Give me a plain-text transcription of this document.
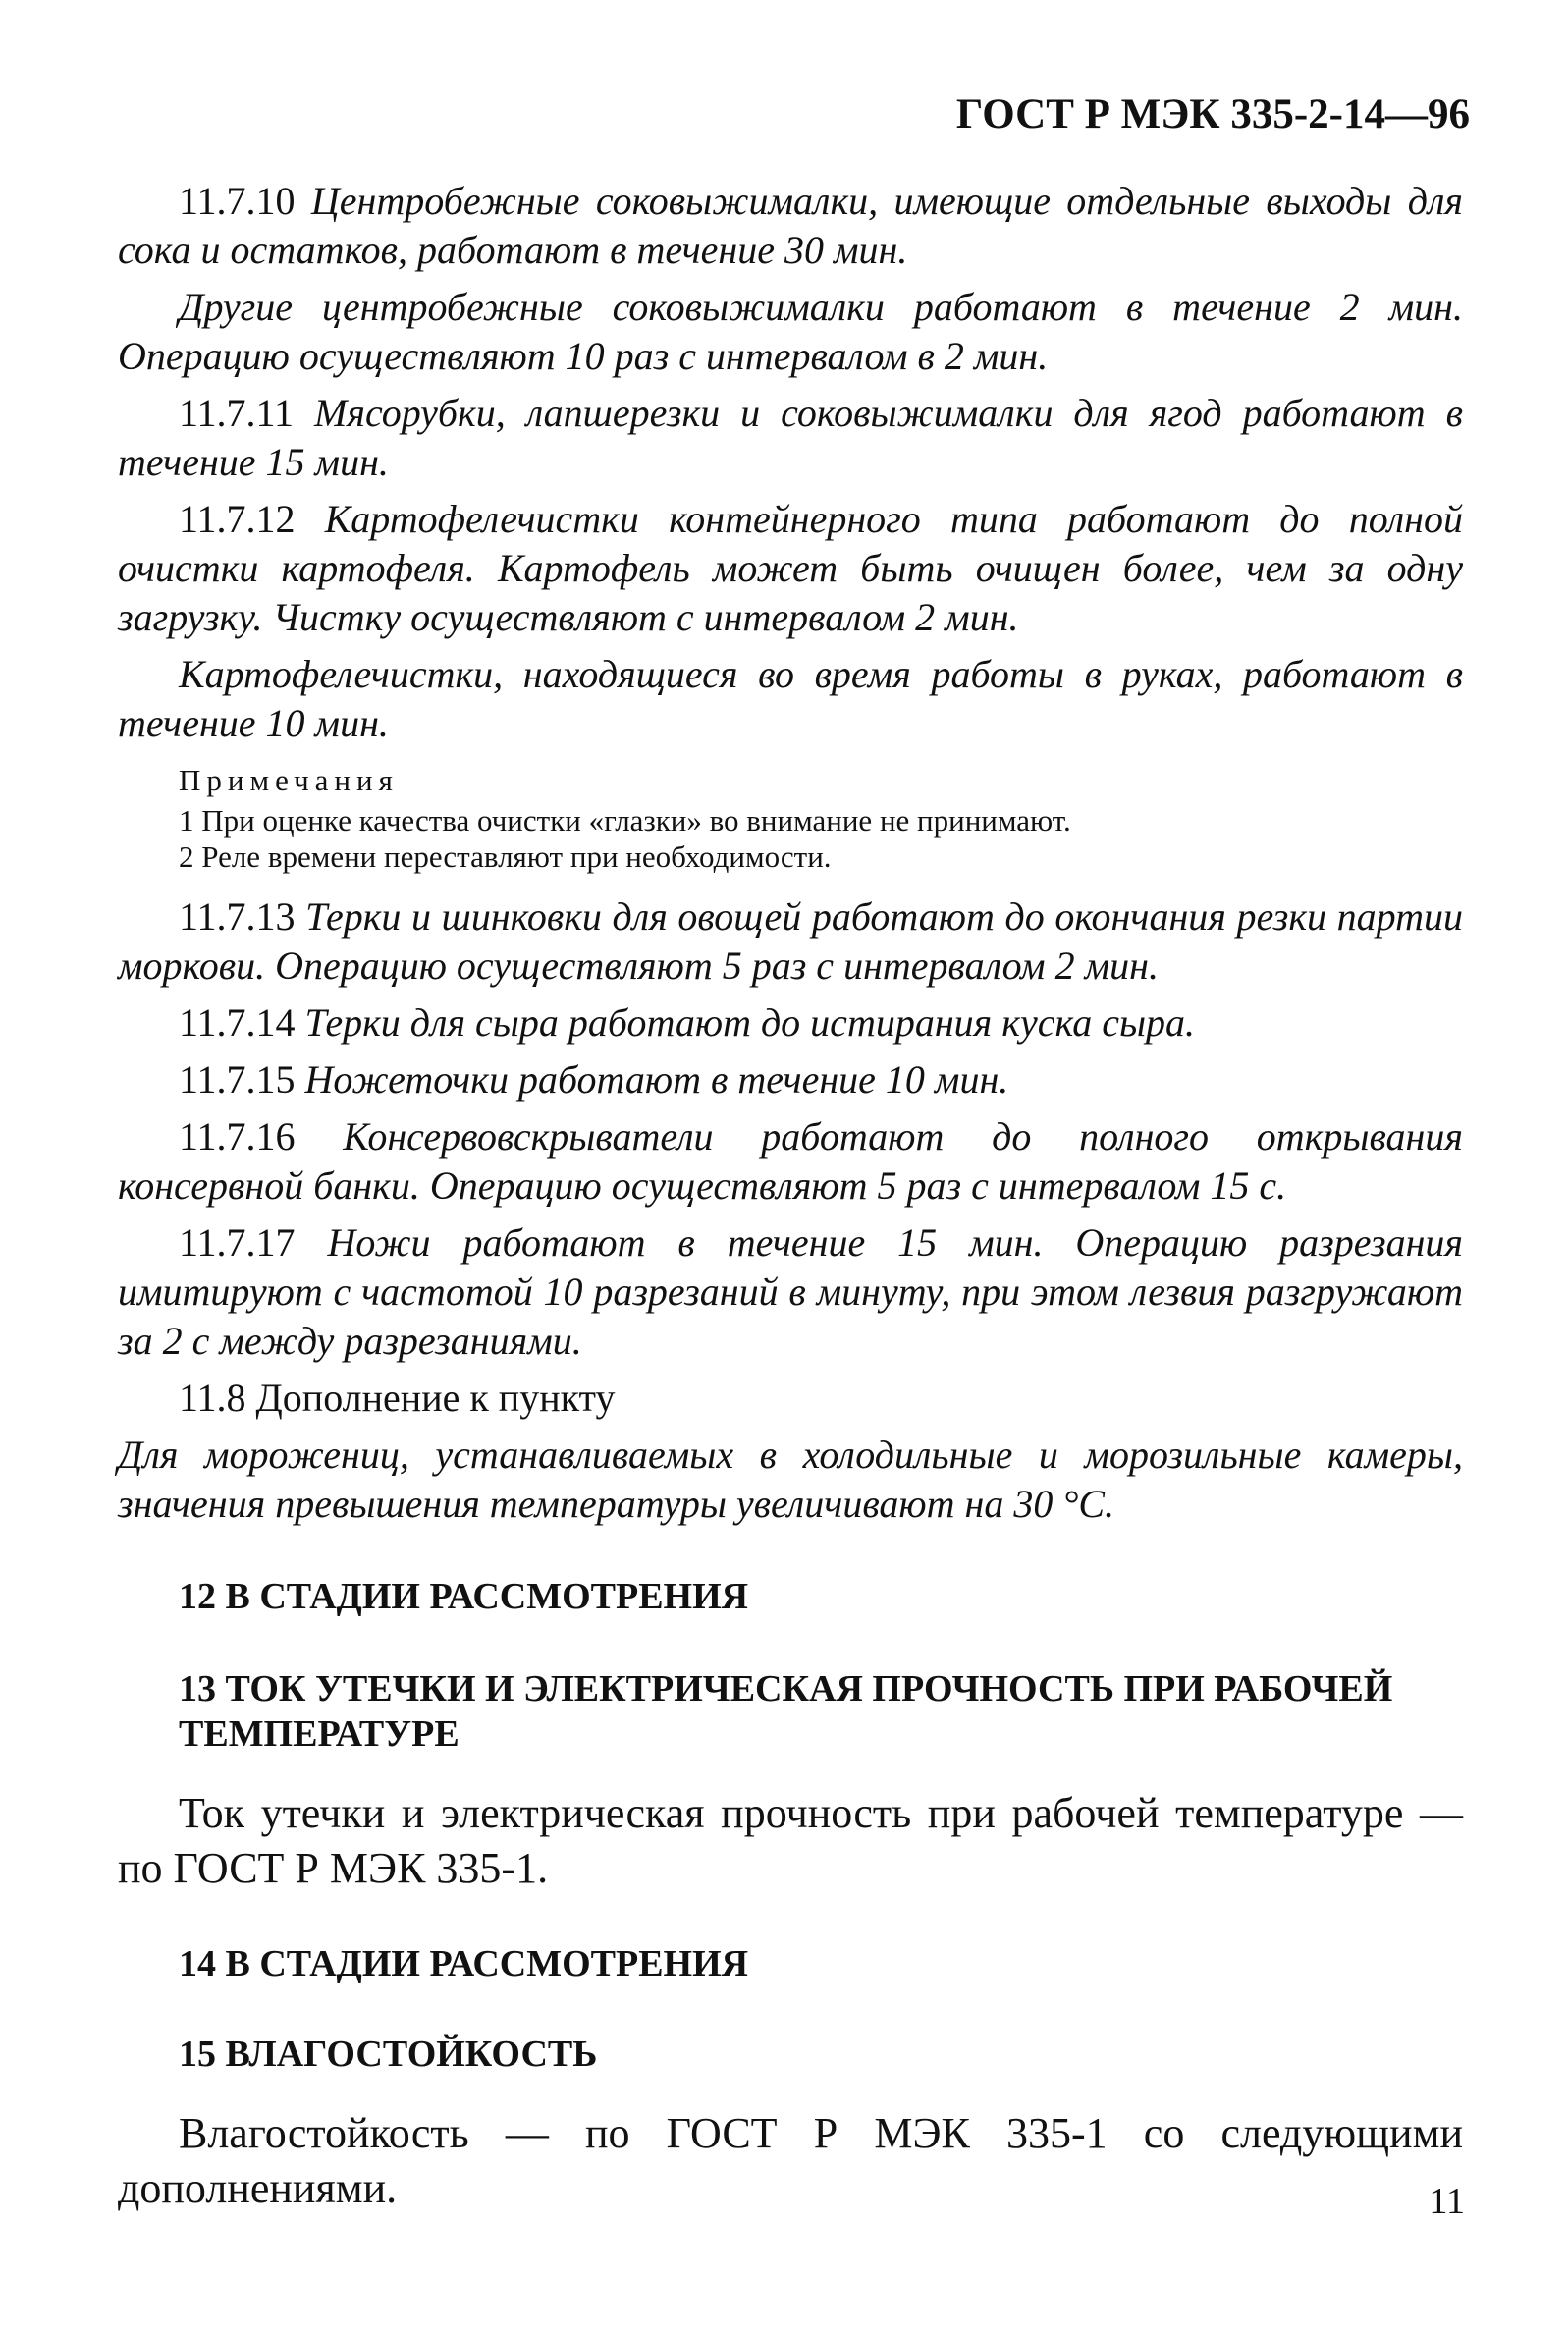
ГОСТ Р МЭК 335-2-14—96

11.7.10 Центробежные соковыжималки, имеющие отдельные выходы для сока и остатков, работают в течение 30 мин.

Другие центробежные соковыжималки работают в течение 2 мин. Операцию осуществляют 10 раз с интервалом в 2 мин.

11.7.11 Мясорубки, лапшерезки и соковыжималки для ягод работают в течение 15 мин.

11.7.12 Картофелечистки контейнерного типа работают до полной очистки картофеля. Картофель может быть очищен более, чем за одну загрузку. Чистку осуществляют с интервалом 2 мин.

Картофелечистки, находящиеся во время работы в руках, работают в течение 10 мин.

Примечания

1 При оценке качества очистки «глазки» во внимание не принимают.

2 Реле времени переставляют при необходимости.

11.7.13 Терки и шинковки для овощей работают до окончания резки партии моркови. Операцию осуществляют 5 раз с интервалом 2 мин.

11.7.14 Терки для сыра работают до истирания куска сыра.

11.7.15 Ножеточки работают в течение 10 мин.

11.7.16 Консервовскрыватели работают до полного открывания консервной банки. Операцию осуществляют 5 раз с интервалом 15 с.

11.7.17 Ножи работают в течение 15 мин. Операцию разрезания имитируют с частотой 10 разрезаний в минуту, при этом лезвия разгружают за 2 с между разрезаниями.

11.8 Дополнение к пункту

Для морожениц, устанавливаемых в холодильные и морозильные камеры, значения превышения температуры увеличивают на 30 °С.

12 В СТАДИИ РАССМОТРЕНИЯ
13 ТОК УТЕЧКИ И ЭЛЕКТРИЧЕСКАЯ ПРОЧНОСТЬ ПРИ РАБОЧЕЙ ТЕМПЕРАТУРЕ

Ток утечки и электрическая прочность при рабочей температуре — по ГОСТ Р МЭК 335-1.

14 В СТАДИИ РАССМОТРЕНИЯ
15 ВЛАГОСТОЙКОСТЬ

Влагостойкость — по ГОСТ Р МЭК 335-1 со следующими дополнениями.	11
